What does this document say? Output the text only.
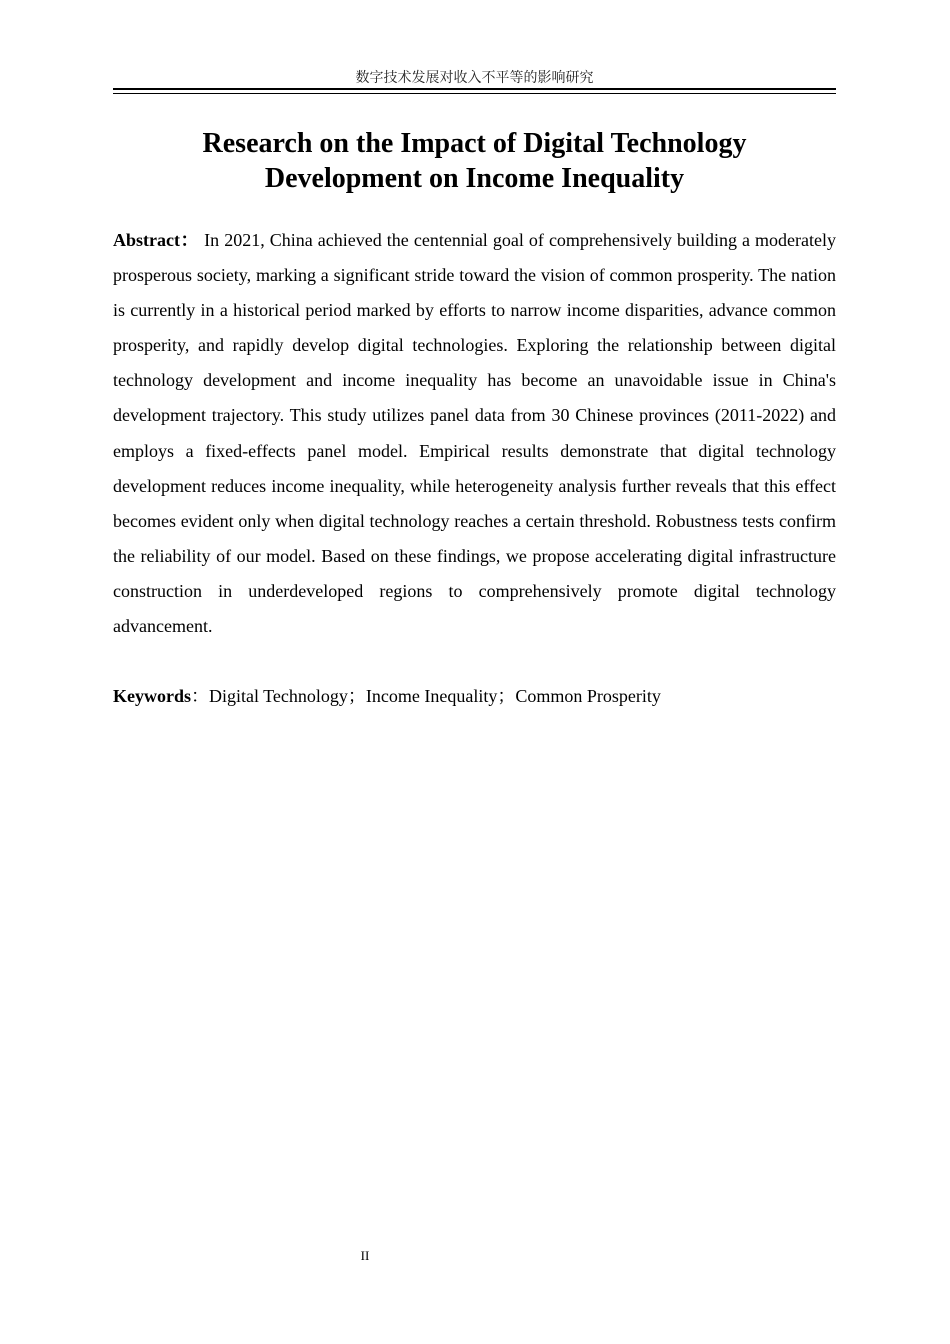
数字技术发展对收入不平等的影响研究
Research on the Impact of Digital Technology
Development on Income Inequality

Abstract： In 2021, China achieved the centennial goal of comprehensively building a moderately prosperous society, marking a significant stride toward the vision of common prosperity. The nation is currently in a historical period marked by efforts to narrow income disparities, advance common prosperity, and rapidly develop digital technologies. Exploring the relationship between digital technology development and income inequality has become an unavoidable issue in China's development trajectory. This study utilizes panel data from 30 Chinese provinces (2011-2022) and employs a fixed-effects panel model. Empirical results demonstrate that digital technology development reduces income inequality, while heterogeneity analysis further reveals that this effect becomes evident only when digital technology reaches a certain threshold. Robustness tests confirm the reliability of our model. Based on these findings, we propose accelerating digital infrastructure construction in underdeveloped regions to comprehensively promote digital technology advancement.

Keywords：Digital Technology；Income Inequality；Common Prosperity

II
